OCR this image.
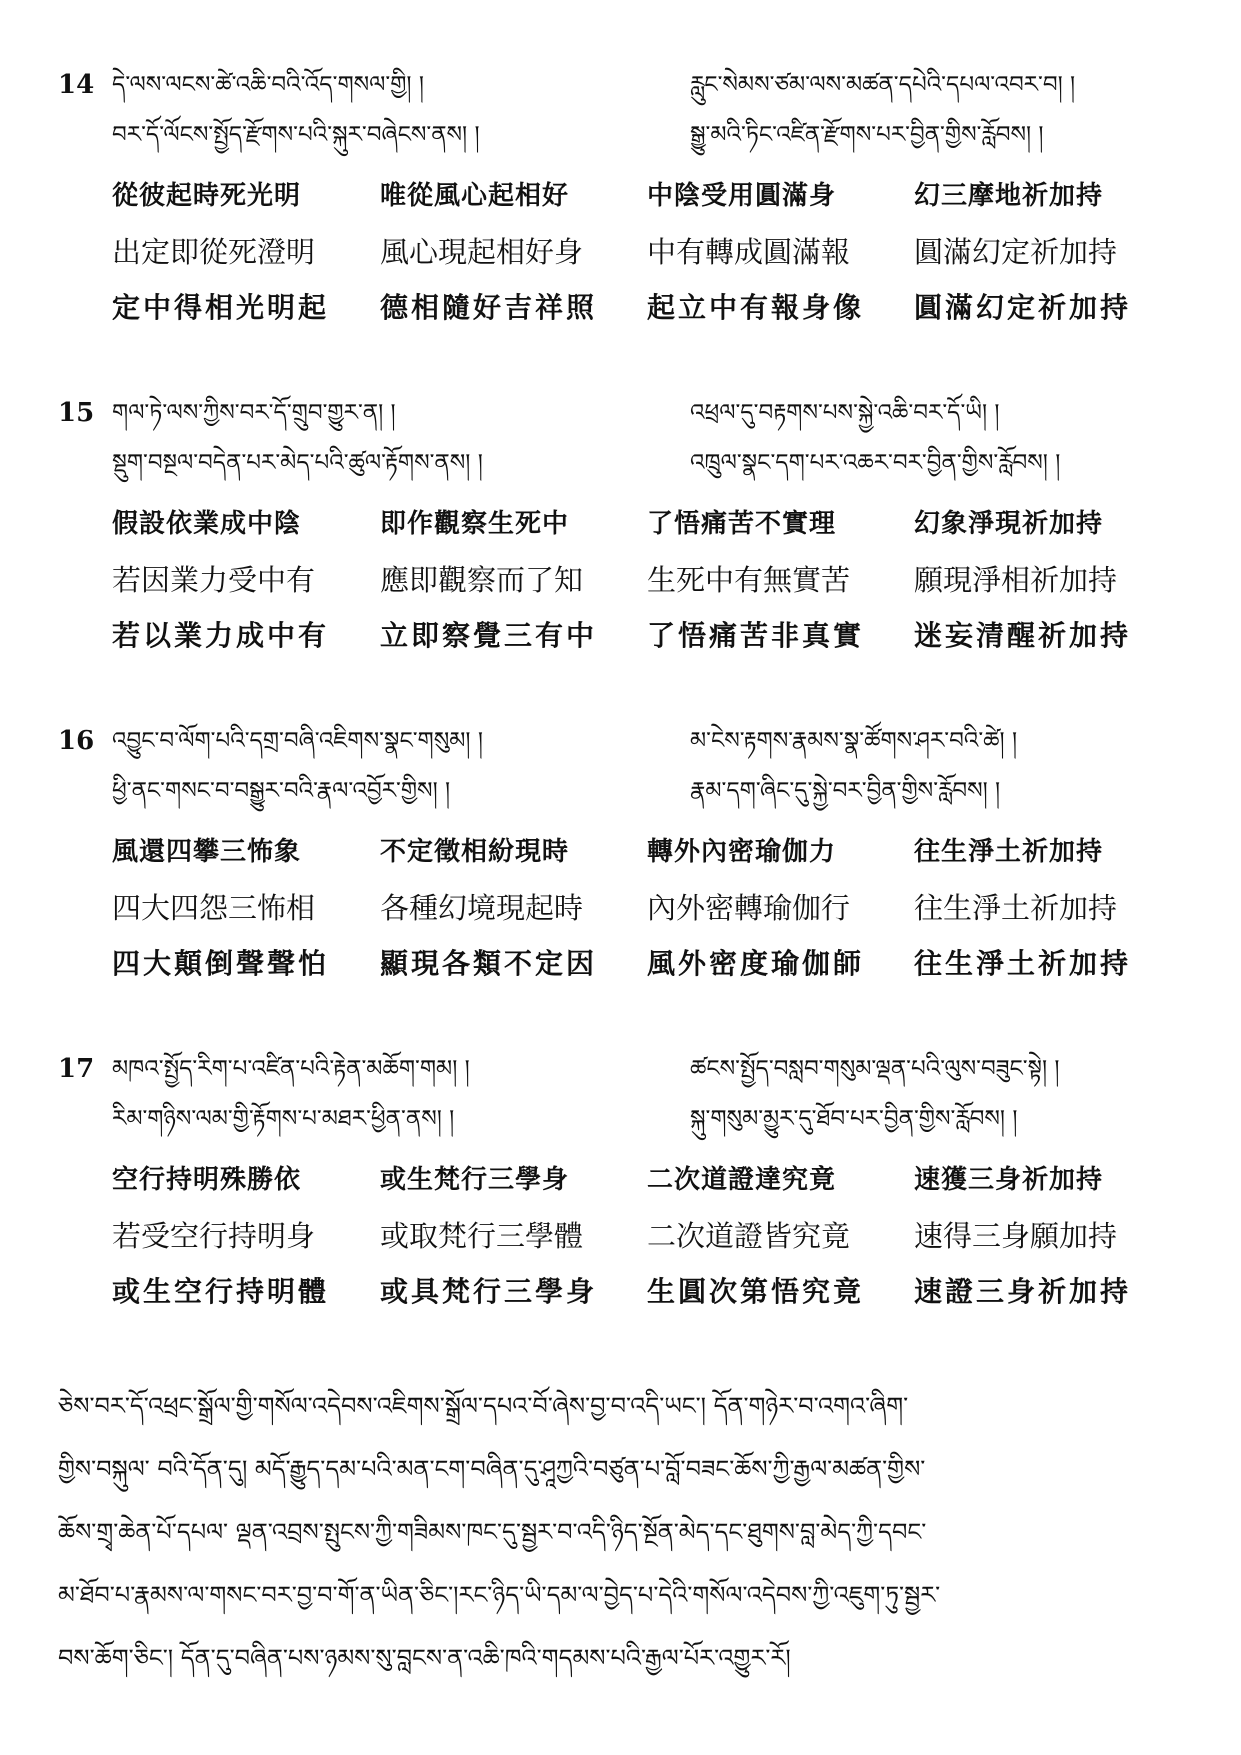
14 དེ་ལས་ལངས་ཚེ་འཆི་བའི་འོད་གསལ་གྱི། །	རླུང་སེམས་ཙམ་ལས་མཚན་དཔེའི་དཔལ་འབར་བ། །
བར་དོ་ལོངས་སྤྱོད་རྫོགས་པའི་སྐུར་བཞེངས་ནས། །	སྒྱུ་མའི་ཏིང་འཛིན་རྫོགས་པར་བྱིན་གྱིས་རློབས། །
從彼起時死光明	唯從風心起相好	中陰受用圓滿身	幻三摩地祈加持
出定即從死澄明	風心現起相好身	中有轉成圓滿報	圓滿幻定祈加持
定中得相光明起	德相隨好吉祥照	起立中有報身像	圓滿幻定祈加持
15 གལ་ཏེ་ལས་ཀྱིས་བར་དོ་གྲུབ་གྱུར་ན། །	འཕྲལ་དུ་བརྟགས་པས་སྐྱེ་འཆི་བར་དོ་ཡི། །
སྡུག་བསྔལ་བདེན་པར་མེད་པའི་ཚུལ་རྟོགས་ནས། །	འཁྲུལ་སྣང་དག་པར་འཆར་བར་བྱིན་གྱིས་རློབས། །
假設依業成中陰	即作觀察生死中	了悟痛苦不實理	幻象淨現祈加持
若因業力受中有	應即觀察而了知	生死中有無實苦	願現淨相祈加持
若以業力成中有	立即察覺三有中	了悟痛苦非真實	迷妄清醒祈加持
16 འབྱུང་བ་ལོག་པའི་དགྲ་བཞི་འཇིགས་སྣང་གསུམ། །	མ་ངེས་རྟགས་རྣམས་སྣ་ཚོགས་ཤར་བའི་ཚེ། །
ཕྱི་ནང་གསང་བ་བསྒྱུར་བའི་རྣལ་འབྱོར་གྱིས། །	རྣམ་དག་ཞིང་དུ་སྐྱེ་བར་བྱིན་གྱིས་རློབས། །
風還四攀三怖象	不定徵相紛現時	轉外內密瑜伽力	往生淨土祈加持
四大四怨三怖相	各種幻境現起時	內外密轉瑜伽行	往生淨土祈加持
四大顛倒聲聲怕	顯現各類不定因	風外密度瑜伽師	往生淨土祈加持
17 མཁའ་སྤྱོད་རིག་པ་འཛིན་པའི་རྟེན་མཆོག་གམ། །	ཚངས་སྤྱོད་བསླབ་གསུམ་ལྡན་པའི་ལུས་བཟུང་སྟེ། །
རིམ་གཉིས་ལམ་གྱི་རྟོགས་པ་མཐར་ཕྱིན་ནས། །	སྐུ་གསུམ་མྱུར་དུ་ཐོབ་པར་བྱིན་གྱིས་རློབས། །
空行持明殊勝依	或生梵行三學身	二次道證達究竟	速獲三身祈加持
若受空行持明身	或取梵行三學體	二次道證皆究竟	速得三身願加持
或生空行持明體	或具梵行三學身	生圓次第悟究竟	速證三身祈加持

ཅེས་བར་དོ་འཕྲང་སྒྲོལ་གྱི་གསོལ་འདེབས་འཇིགས་སྒྲོལ་དཔའ་བོ་ཞེས་བྱ་བ་འདི་ཡང་། དོན་གཉེར་བ་འགའ་ཞིག་

གྱིས་བསྐུལ་ བའི་དོན་དུ། མདོ་རྒྱུད་དམ་པའི་མན་ངག་བཞིན་དུ་ཤཱཀྱའི་བཙུན་པ་བློ་བཟང་ཆོས་ཀྱི་རྒྱལ་མཚན་གྱིས་

ཆོས་གྲྭ་ཆེན་པོ་དཔལ་ ལྡན་འབྲས་སྤུངས་ཀྱི་གཟིམས་ཁང་དུ་སྦྱར་བ་འདི་ཉིད་སྔོན་མེད་དང་ཐུགས་བླ་མེད་ཀྱི་དབང་

མ་ཐོབ་པ་རྣམས་ལ་གསང་བར་བྱ་བ་གོ་ན་ཡིན་ཅིང་།རང་ཉིད་ཡི་དམ་ལ་བྱེད་པ་དེའི་གསོལ་འདེབས་ཀྱི་འཇུག་ཏུ་སྦྱར་

བས་ཆོག་ཅིང་། དོན་དུ་བཞིན་པས་ཉམས་སུ་བླངས་ན་འཆི་ཁའི་གདམས་པའི་རྒྱལ་པོར་འགྱུར་རོ།
